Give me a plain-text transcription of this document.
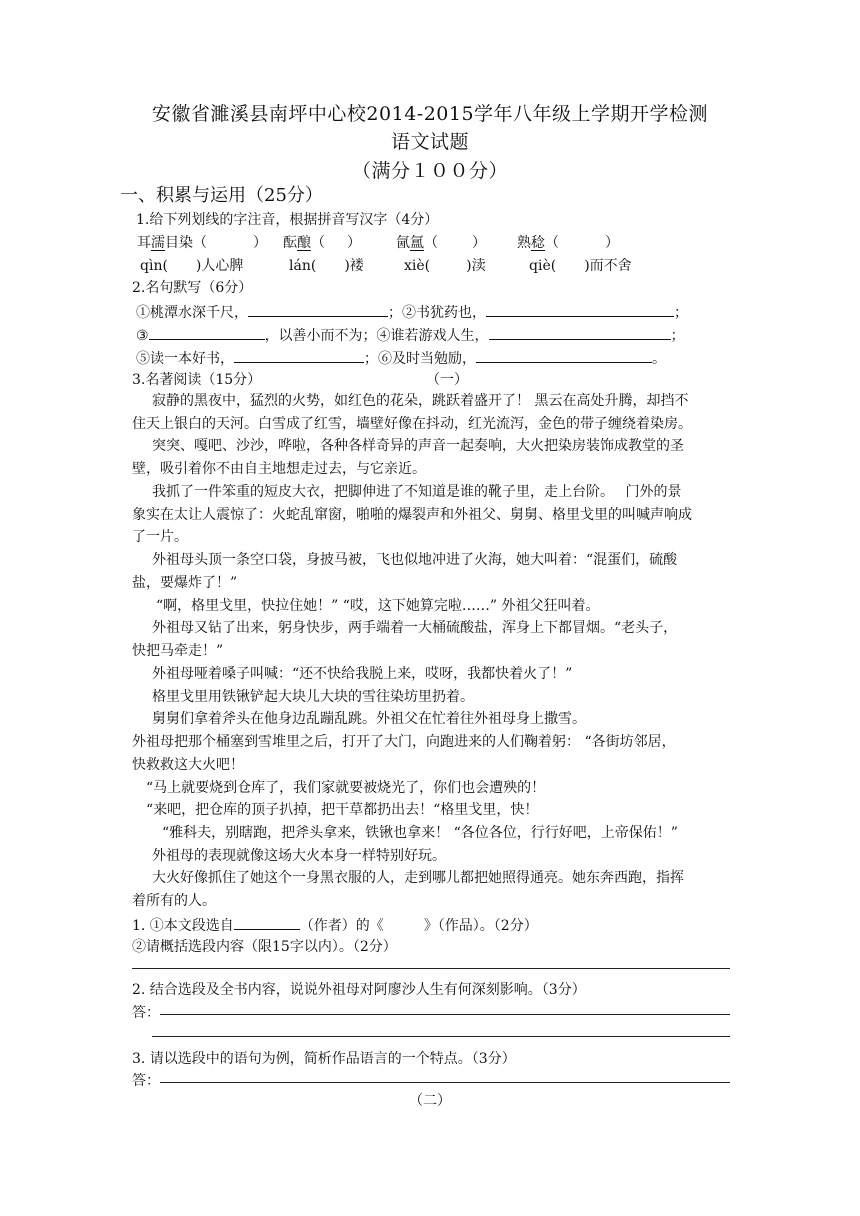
安徽省濉溪县南坪中心校2014-2015学年八年级上学期开学检测
语文试题
（满分１００分）
一、积累与运用（25分）
1.给下列划线的字注音，根据拼音写汉字（4分）
耳濡目染（	） 酝酿（ ）	氤氲（ ） 熟稔（	）
qìn( )人心脾	lán( )褛	xiè(	)渎	qiè( )而不舍
2.名句默写（6分）
①桃潭水深千尺，	；②书犹药也，	；
③	，以善小而不为；④谁若游戏人生，	；
⑤读一本好书，	；⑥及时当勉励，	。
3.名著阅读（15分）	（一）
寂静的黑夜中，猛烈的火势，如红色的花朵，跳跃着盛开了！ 黑云在高处升腾，却挡不
住天上银白的天河。白雪成了红雪，墙壁好像在抖动，红光流泻，金色的带子缠绕着染房。
突突、嘎吧、沙沙，哗啦，各种各样奇异的声音一起奏响，大火把染房装饰成教堂的圣
壁，吸引着你不由自主地想走过去，与它亲近。
我抓了一件笨重的短皮大衣，把脚伸进了不知道是谁的靴子里，走上台阶。　 门外的景
象实在太让人震惊了：火蛇乱窜窗，啪啪的爆裂声和外祖父、舅舅、格里戈里的叫喊声响成
了一片。
外祖母头顶一条空口袋，身披马被，飞也似地冲进了火海，她大叫着：“混蛋们，硫酸
盐，要爆炸了！”
“啊，格里戈里，快拉住她！” “哎，这下她算完啦……” 外祖父狂叫着。
外祖母又钻了出来，躬身快步，两手端着一大桶硫酸盐，浑身上下都冒烟。“老头子，
快把马牵走！”
外祖母哑着嗓子叫喊：“还不快给我脱上来，哎呀，我都快着火了！”
格里戈里用铁锹铲起大块儿大块的雪往染坊里扔着。
舅舅们拿着斧头在他身边乱蹦乱跳。外祖父在忙着往外祖母身上撒雪。
外祖母把那个桶塞到雪堆里之后，打开了大门，向跑进来的人们鞠着躬： “各街坊邻居，
快救救这大火吧！
“马上就要烧到仓库了，我们家就要被烧光了，你们也会遭殃的！
“来吧，把仓库的顶子扒掉，把干草都扔出去！“格里戈里，快！
“雅科夫，别瞎跑，把斧头拿来，铁锹也拿来！ “各位各位，行行好吧，上帝保佑！”
外祖母的表现就像这场大火本身一样特别好玩。
大火好像抓住了她这个一身黑衣服的人，走到哪儿都把她照得通亮。她东奔西跑，指挥
着所有的人。
1. ①本文段选自	（作者）的《	》（作品）。（2分）
②请概括选段内容（限15字以内）。（2分）
2. 结合选段及全书内容，说说外祖母对阿廖沙人生有何深刻影响。（3分）
答：
3. 请以选段中的语句为例，简析作品语言的一个特点。（3分）
答：
（二）
